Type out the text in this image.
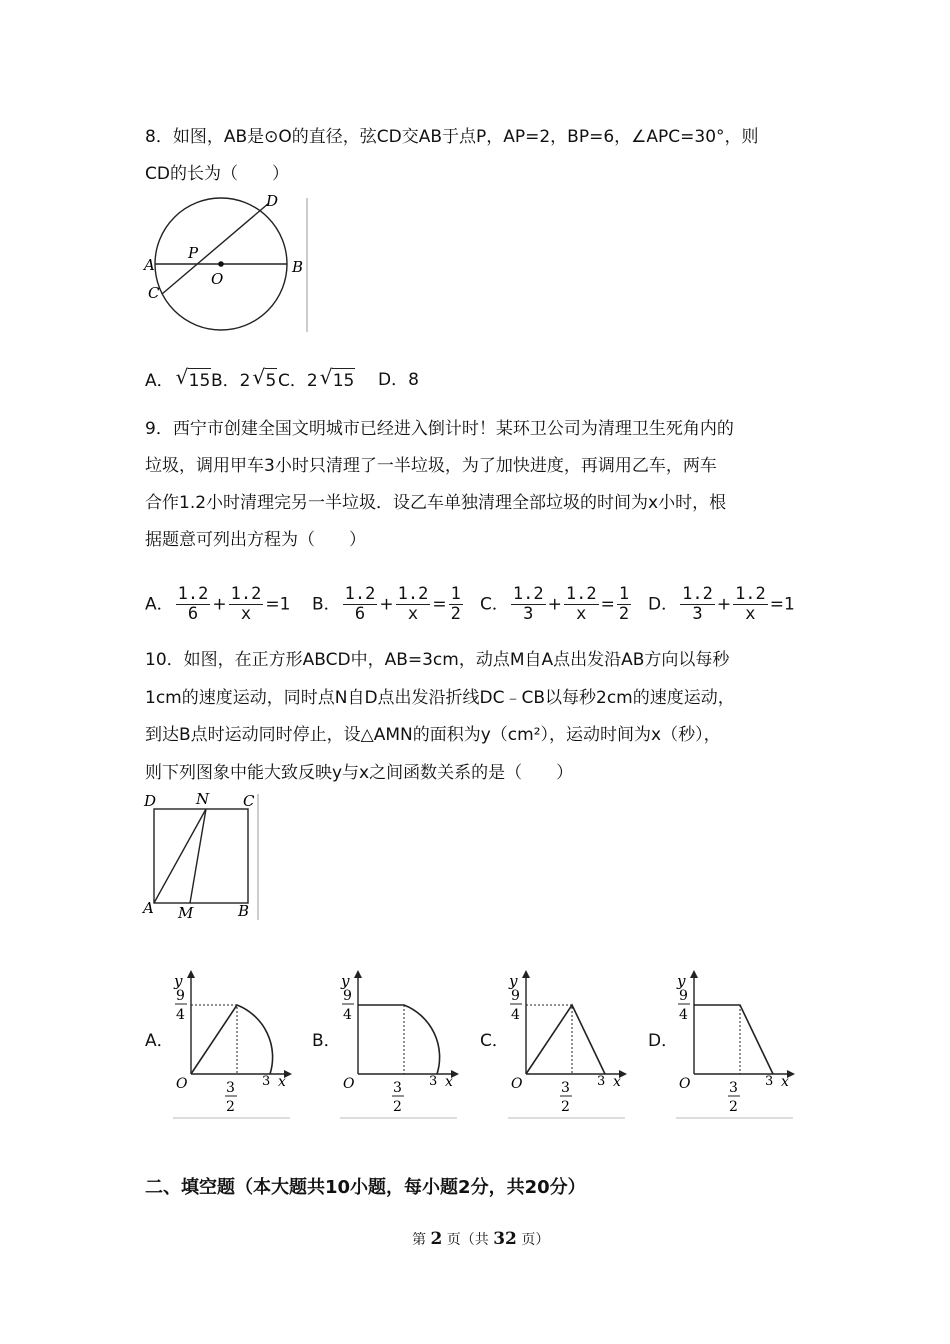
8．如图，AB是⊙O的直径，弦CD交AB于点P，AP=2，BP=6，∠APC=30°，则
CD的长为（　　）
A	B
C
D
P
O
A． √ 15 B．2 √ 5 C．2 √ 15 D．8
9．西宁市创建全国文明城市已经进入倒计时！某环卫公司为清理卫生死角内的
垃圾，调用甲车3小时只清理了一半垃圾，为了加快进度，再调用乙车，两车
合作1.2小时清理完另一半垃圾．设乙车单独清理全部垃圾的时间为x小时，根
据题意可列出方程为（　　）
A． $\frac{1.2}{6} + \frac{1.2}{x} =1$ B． $\frac{1.2}{6} + \frac{1.2}{x} = \frac{1}{2}$ C． $\frac{1.2}{3} + \frac{1.2}{x} = \frac{1}{2}$ D． $\frac{1.2}{3} + \frac{1.2}{x} =1$
10．如图，在正方形ABCD中，AB=3cm，动点M自A点出发沿AB方向以每秒
1cm的速度运动，同时点N自D点出发沿折线DC﹣CB以每秒2cm的速度运动，
到达B点时运动同时停止，设△AMN的面积为y（cm²），运动时间为x（秒），
则下列图象中能大致反映y与x之间函数关系的是（　　）
D	N C
A M	B
A．
y
x
O
9
4
3
2
3
B．
y
x
O
9
4
3
2
3
C．
y
x
O
9
4
3
2
3
D．
y
x
O
9
4
3
2
3
二、填空题（本大题共10小题，每小题2分，共20分）
第 2 页（共 32 页）
